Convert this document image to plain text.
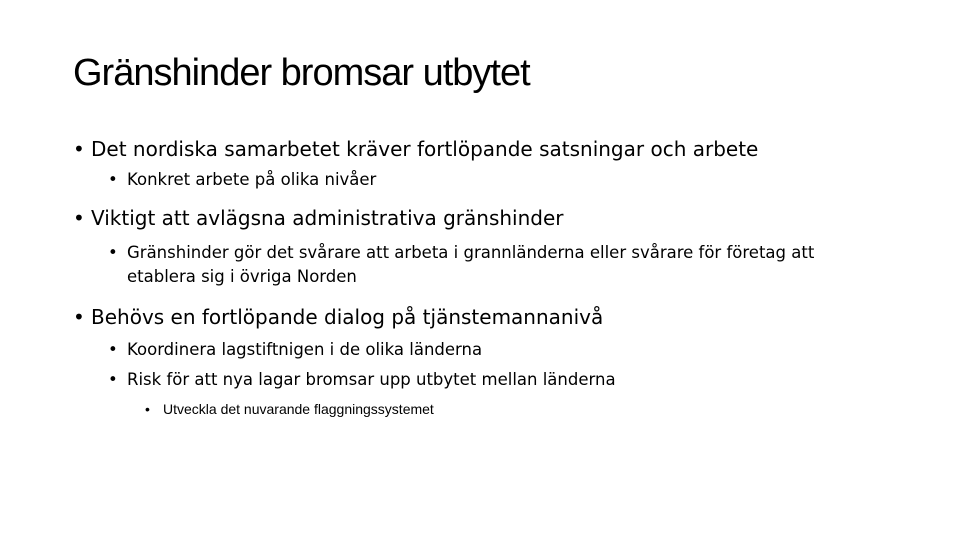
Gränshinder bromsar utbytet
• Det nordiska samarbetet kräver fortlöpande satsningar och arbete
• Konkret arbete på olika nivåer
• Viktigt att avlägsna administrativa gränshinder
• Gränshinder gör det svårare att arbeta i grannländerna eller svårare för företag att etablera sig i övriga Norden
• Behövs en fortlöpande dialog på tjänstemannanivå
• Koordinera lagstiftnigen i de olika länderna
• Risk för att nya lagar bromsar upp utbytet mellan länderna
• Utveckla det nuvarande flaggningssystemet
